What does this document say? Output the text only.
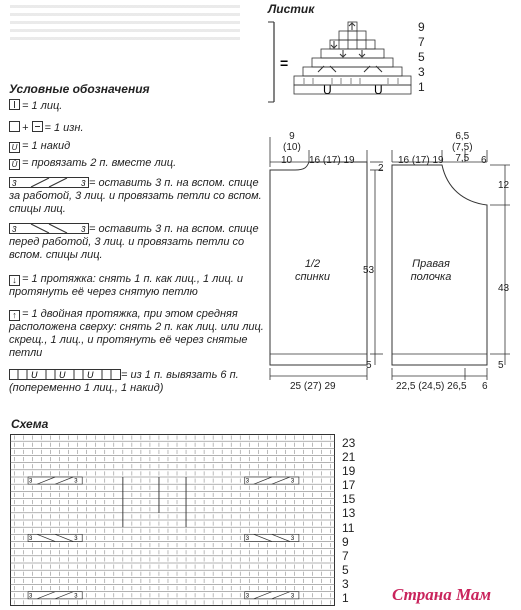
Листик
=
U	U
9
7
5
3
1
Условные обозначения
= 1 лиц.
+ = 1 изн.
U = 1 накид
Ů = провязать 2 п. вместе лиц.
3	3 = оставить 3 п. на вспом. спице за работой, 3 лиц. и провязать петли со вспом. спицы лиц.
3	3 = оставить 3 п. на вспом. спице перед работой, 3 лиц. и провязать петли со вспом. спицы лиц.
↓ = 1 протяжка: снять 1 п. как лиц., 1 лиц. и протянуть её через снятую петлю
↑ = 1 двойная протяжка, при этом средняя расположена сверху: снять 2 п. как лиц. или лиц. скрещ., 1 лиц., и протянуть её через снятые петли
U U U	= из 1 п. вывязать 6 п. (попеременно 1 лиц., 1 накид)
9
(10)
10 16 (17) 19
2
53
5
25 (27) 29
1/2
спинки
16 (17) 19
6,5
(7,5)
7,5	6
12
43
5
22,5 (24,5) 26,5 6
Правая
полочка
Схема
3	3	3	3
3	3	3	3
3	3	3	3
23
21
19
17
15
13
11
9
7
5
3
1	Страна Мам
